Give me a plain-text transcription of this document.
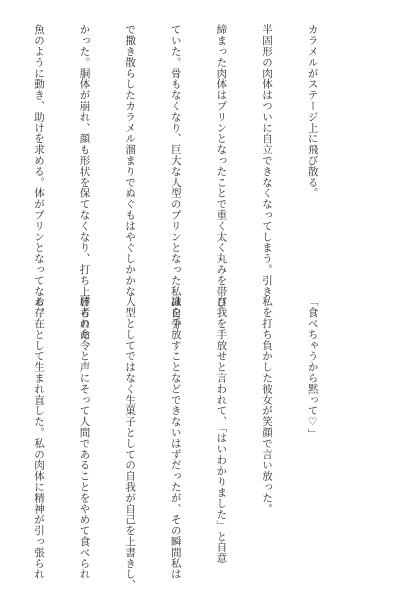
カラメルがステージ上に飛び散る。

半固形の肉体はついに自立できなくなってしまう。引き

締まった肉体はプリンとなったことで重く太く丸みを帯び

ていた。骨もなくなり、巨大な人型のプリンとなった私は自分

で撒き散らしたカラメル溜まりでぬぐもはやぐしかかな

かった。胴体が崩れ、顔も形状を保てなくなり、打ち上げられた

魚のように動き、助けを求める。体がプリンとなってなお、

「食べちゃうから黙って♡」

私を打ち負かした彼女が笑顔で言い放った。

自我を手放せと言われて、「はいわかりました」と自意

識を手放すことなどできないはずだったが、その瞬間私は

人型としてではなく生菓子としての自我が自己を上書きし、

勝者の命令と声にそって人間であることをやめて食べられ

る存在として生まれ直した。私の肉体に精神が引っ張られ
